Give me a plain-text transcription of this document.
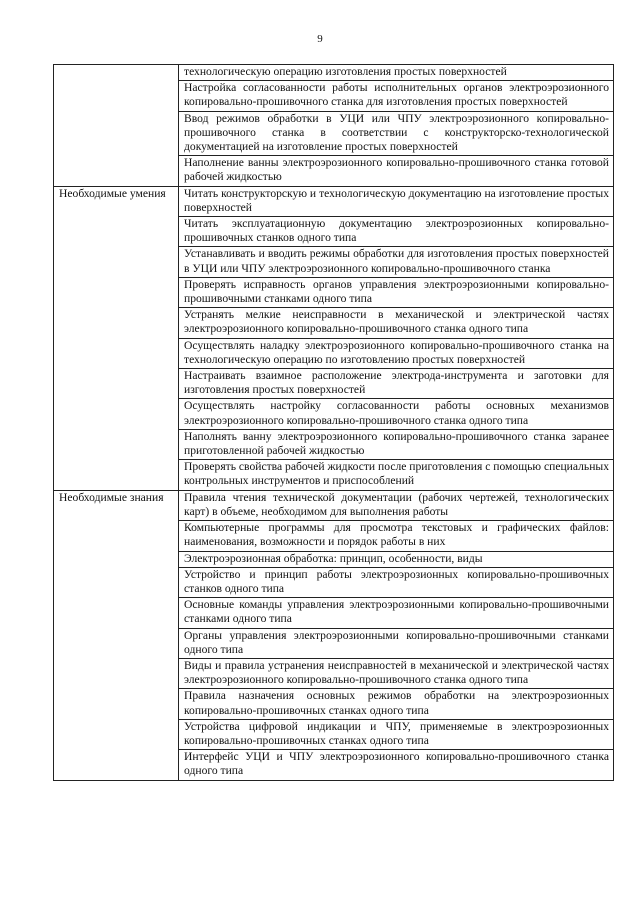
9
	технологическую операцию изготовления простых поверхностей
	Настройка согласованности работы исполнительных органов электроэрозионного копировально-прошивочного станка для изготовления простых поверхностей
	Ввод режимов обработки в УЦИ или ЧПУ электроэрозионного копировально-прошивочного станка в соответствии с конструкторско-технологической документацией на изготовление простых поверхностей
	Наполнение ванны электроэрозионного копировально-прошивочного станка готовой рабочей жидкостью
Необходимые умения	Читать конструкторскую и технологическую документацию на изготовление простых поверхностей
	Читать эксплуатационную документацию электроэрозионных копировально-прошивочных станков одного типа
	Устанавливать и вводить режимы обработки для изготовления простых поверхностей в УЦИ или ЧПУ электроэрозионного копировально-прошивочного станка
	Проверять исправность органов управления электроэрозионными копировально-прошивочными станками одного типа
	Устранять мелкие неисправности в механической и электрической частях электроэрозионного копировально-прошивочного станка одного типа
	Осуществлять наладку электроэрозионного копировально-прошивочного станка на технологическую операцию по изготовлению простых поверхностей
	Настраивать взаимное расположение электрода-инструмента и заготовки для изготовления простых поверхностей
	Осуществлять настройку согласованности работы основных механизмов электроэрозионного копировально-прошивочного станка одного типа
	Наполнять ванну электроэрозионного копировально-прошивочного станка заранее приготовленной рабочей жидкостью
	Проверять свойства рабочей жидкости после приготовления с помощью специальных контрольных инструментов и приспособлений
Необходимые знания	Правила чтения технической документации (рабочих чертежей, технологических карт) в объеме, необходимом для выполнения работы
	Компьютерные программы для просмотра текстовых и графических файлов: наименования, возможности и порядок работы в них
	Электроэрозионная обработка: принцип, особенности, виды
	Устройство и принцип работы электроэрозионных копировально-прошивочных станков одного типа
	Основные команды управления электроэрозионными копировально-прошивочными станками одного типа
	Органы управления электроэрозионными копировально-прошивочными станками одного типа
	Виды и правила устранения неисправностей в механической и электрической частях электроэрозионного копировально-прошивочного станка одного типа
	Правила назначения основных режимов обработки на электроэрозионных копировально-прошивочных станках одного типа
	Устройства цифровой индикации и ЧПУ, применяемые в электроэрозионных копировально-прошивочных станках одного типа
	Интерфейс УЦИ и ЧПУ электроэрозионного копировально-прошивочного станка одного типа
